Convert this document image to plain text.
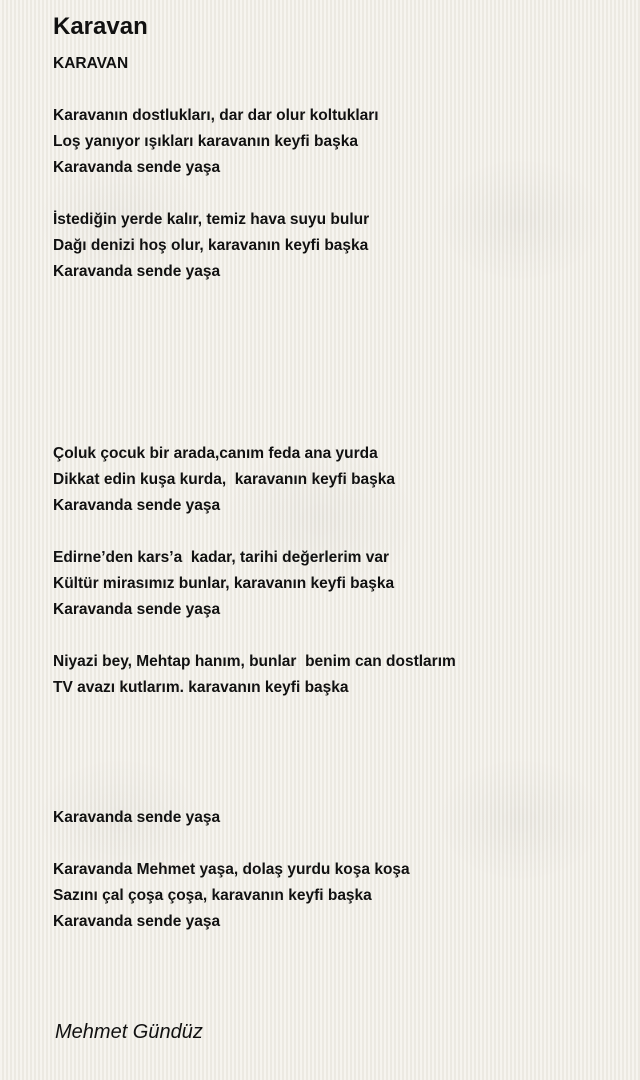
Karavan
KARAVAN
Karavanın dostlukları, dar dar olur koltukları
Loş yanıyor ışıkları karavanın keyfi başka
Karavanda sende yaşa
İstediğin yerde kalır, temiz hava suyu bulur
Dağı denizi hoş olur, karavanın keyfi başka
Karavanda sende yaşa
Çoluk çocuk bir arada,canım feda ana yurda
Dikkat edin kuşa kurda,  karavanın keyfi başka
Karavanda sende yaşa
Edirne’den kars’a  kadar, tarihi değerlerim var
Kültür mirasımız bunlar, karavanın keyfi başka
Karavanda sende yaşa
Niyazi bey, Mehtap hanım, bunlar  benim can dostlarım
TV avazı kutlarım. karavanın keyfi başka
Karavanda sende yaşa
Karavanda Mehmet yaşa, dolaş yurdu koşa koşa
Sazını çal çoşa çoşa, karavanın keyfi başka
Karavanda sende yaşa
Mehmet Gündüz
